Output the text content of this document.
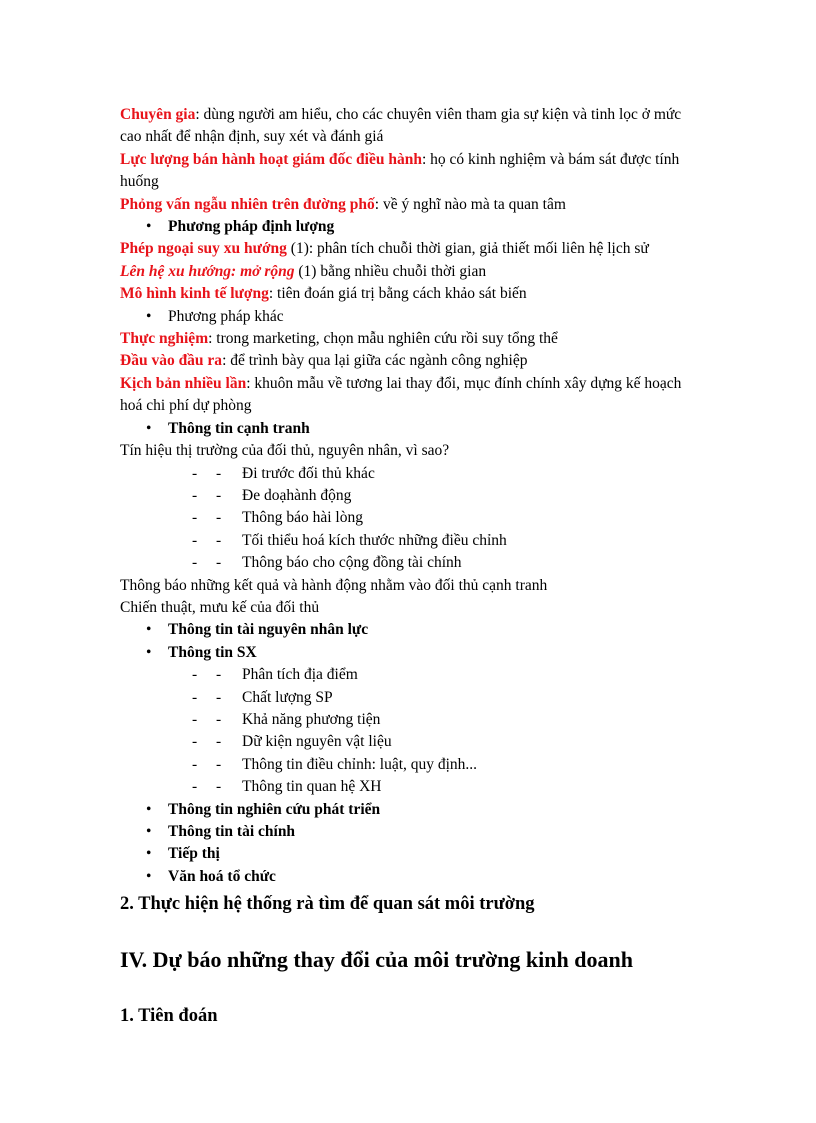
Chuyên gia: dùng người am hiểu, cho các chuyên viên tham gia sự kiện và tinh lọc ở mức cao nhất để nhận định, suy xét và đánh giá

Lực lượng bán hành hoạt giám đốc điều hành: họ có kinh nghiệm và bám sát được tính huống

Phỏng vấn ngẫu nhiên trên đường phố: về ý nghĩ nào mà ta quan tâm

• Phương pháp định lượng

Phép ngoại suy xu hướng (1): phân tích chuỗi thời gian, giả thiết mối liên hệ lịch sử

Lên hệ xu hướng: mở rộng (1) bằng nhiều chuỗi thời gian

Mô hình kinh tế lượng: tiên đoán giá trị bằng cách khảo sát biến

• Phương pháp khác

Thực nghiệm: trong marketing, chọn mẫu nghiên cứu rồi suy tổng thể

Đầu vào đầu ra: để trình bày qua lại giữa các ngành công nghiệp

Kịch bản nhiều lần: khuôn mẫu về tương lai thay đổi, mục đính chính xây dựng kế hoạch hoá chi phí dự phòng

• Thông tin cạnh tranh

Tín hiệu thị trường của đối thủ, nguyên nhân, vì sao?

- - Đi trước đối thủ khác

- - Đe doạhành động

- - Thông báo hài lòng

- - Tối thiểu hoá kích thước những điều chỉnh

- - Thông báo cho cộng đồng tài chính

Thông báo những kết quả và hành động nhằm vào đối thủ cạnh tranh

Chiến thuật, mưu kế của đối thủ

• Thông tin tài nguyên nhân lực

• Thông tin SX

- - Phân tích địa điểm

- - Chất lượng SP

- - Khả năng phương tiện

- - Dữ kiện nguyên vật liệu

- - Thông tin điều chỉnh: luật, quy định...

- - Thông tin quan hệ XH

• Thông tin nghiên cứu phát triển

• Thông tin tài chính

• Tiếp thị

• Văn hoá tổ chức

2. Thực hiện hệ thống rà tìm để quan sát môi trường
IV. Dự báo những thay đổi của môi trường kinh doanh
1. Tiên đoán
